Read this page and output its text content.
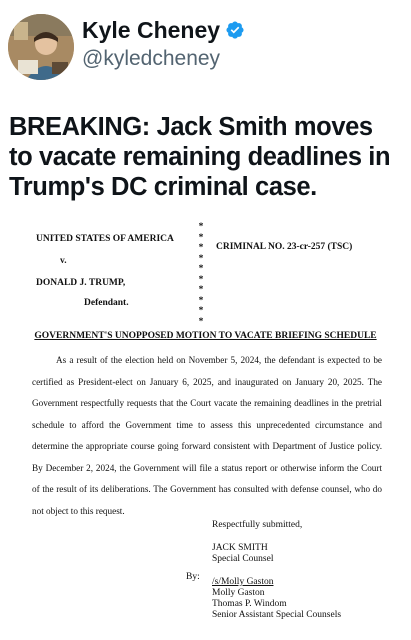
Kyle Cheney
@kyledcheney
BREAKING: Jack Smith moves to vacate remaining deadlines in Trump's DC criminal case.
UNITED STATES OF AMERICA
v.
DONALD J. TRUMP,
Defendant.
*
*
*
*
*
*
*
*
*
*
CRIMINAL NO. 23-cr-257 (TSC)
GOVERNMENT'S UNOPPOSED MOTION TO VACATE BRIEFING SCHEDULE

As a result of the election held on November 5, 2024, the defendant is expected to be certified as President-elect on January 6, 2025, and inaugurated on January 20, 2025. The Government respectfully requests that the Court vacate the remaining deadlines in the pretrial schedule to afford the Government time to assess this unprecedented circumstance and determine the appropriate course going forward consistent with Department of Justice policy. By December 2, 2024, the Government will file a status report or otherwise inform the Court of the result of its deliberations. The Government has consulted with defense counsel, who do not object to this request.

Respectfully submitted,
JACK SMITH
Special Counsel
/s/Molly Gaston
Molly Gaston
Thomas P. Windom
Senior Assistant Special Counsels
By:
